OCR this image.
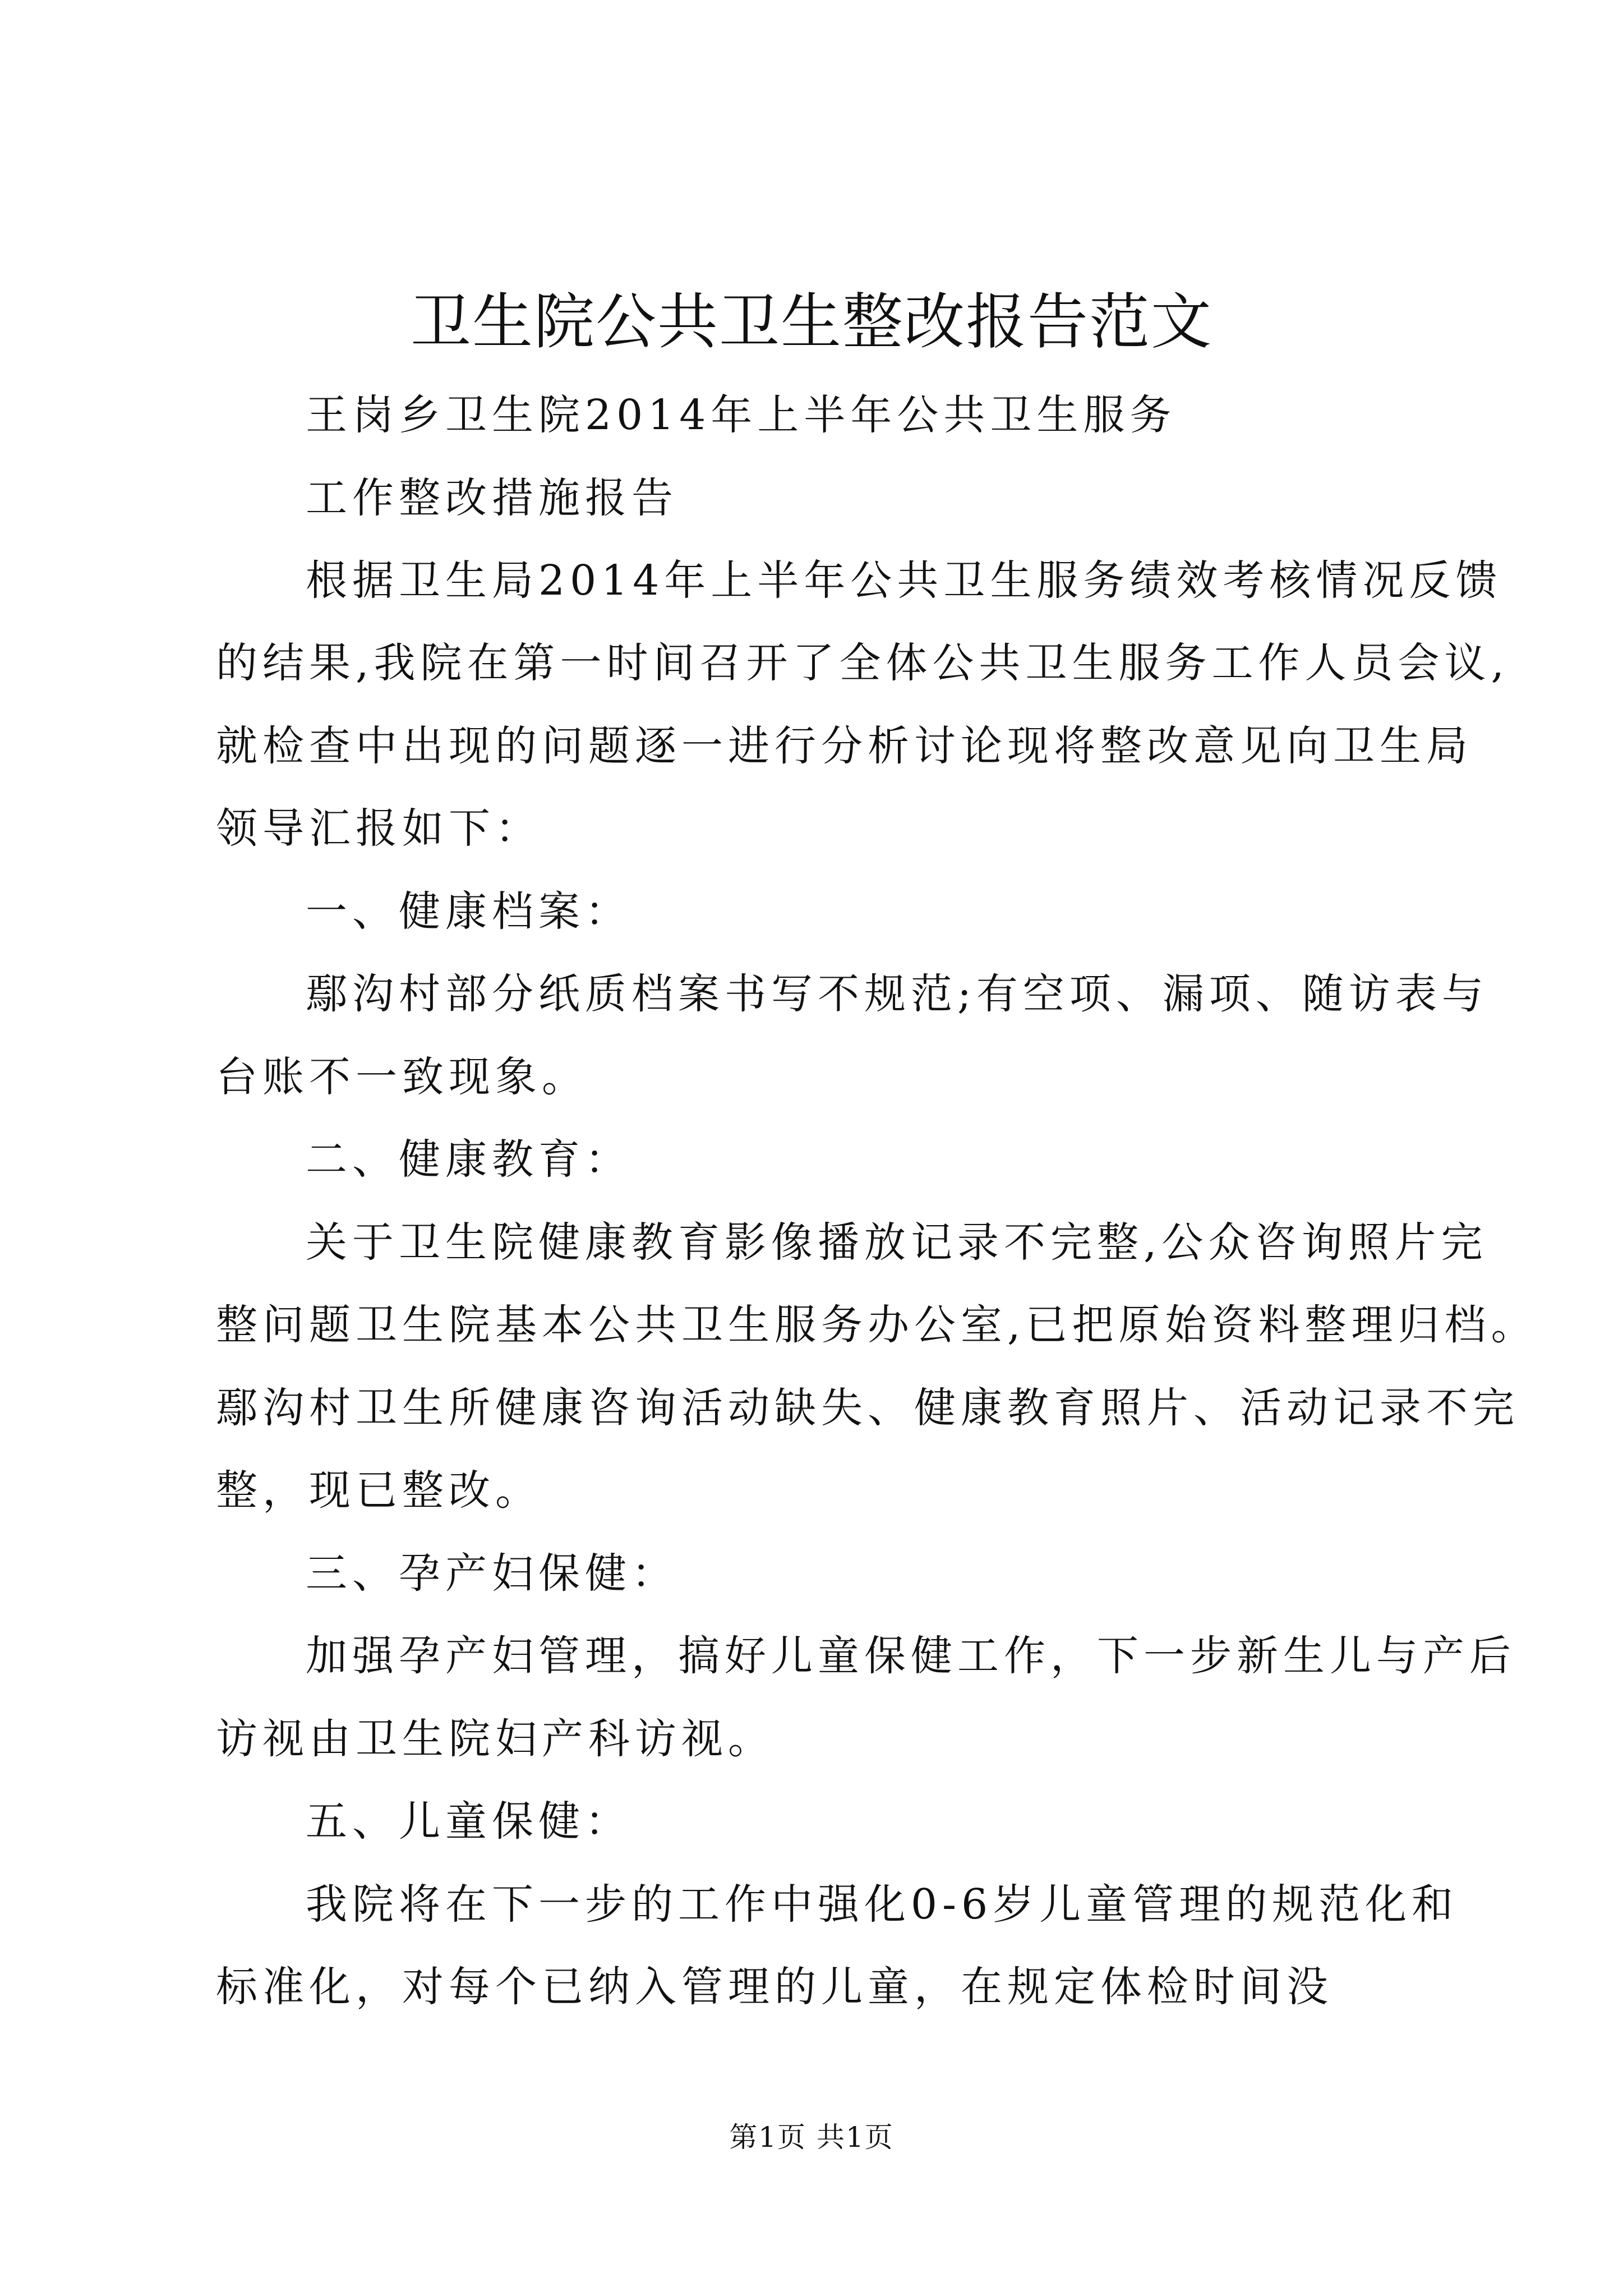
卫生院公共卫生整改报告范文
王岗乡卫生院2014年上半年公共卫生服务
工作整改措施报告
根据卫生局2014年上半年公共卫生服务绩效考核情况反馈
的结果,我院在第一时间召开了全体公共卫生服务工作人员会议,
就检查中出现的问题逐一进行分析讨论现将整改意见向卫生局
领导汇报如下：
一、健康档案：
鄢沟村部分纸质档案书写不规范;有空项、漏项、随访表与
台账不一致现象。
二、健康教育：
关于卫生院健康教育影像播放记录不完整,公众咨询照片完
整问题卫生院基本公共卫生服务办公室,已把原始资料整理归档。
鄢沟村卫生所健康咨询活动缺失、健康教育照片、活动记录不完
整，现已整改。
三、孕产妇保健：
加强孕产妇管理，搞好儿童保健工作，下一步新生儿与产后
访视由卫生院妇产科访视。
五、儿童保健：
我院将在下一步的工作中强化0-6岁儿童管理的规范化和
标准化，对每个已纳入管理的儿童，在规定体检时间没
第1页 共1页
